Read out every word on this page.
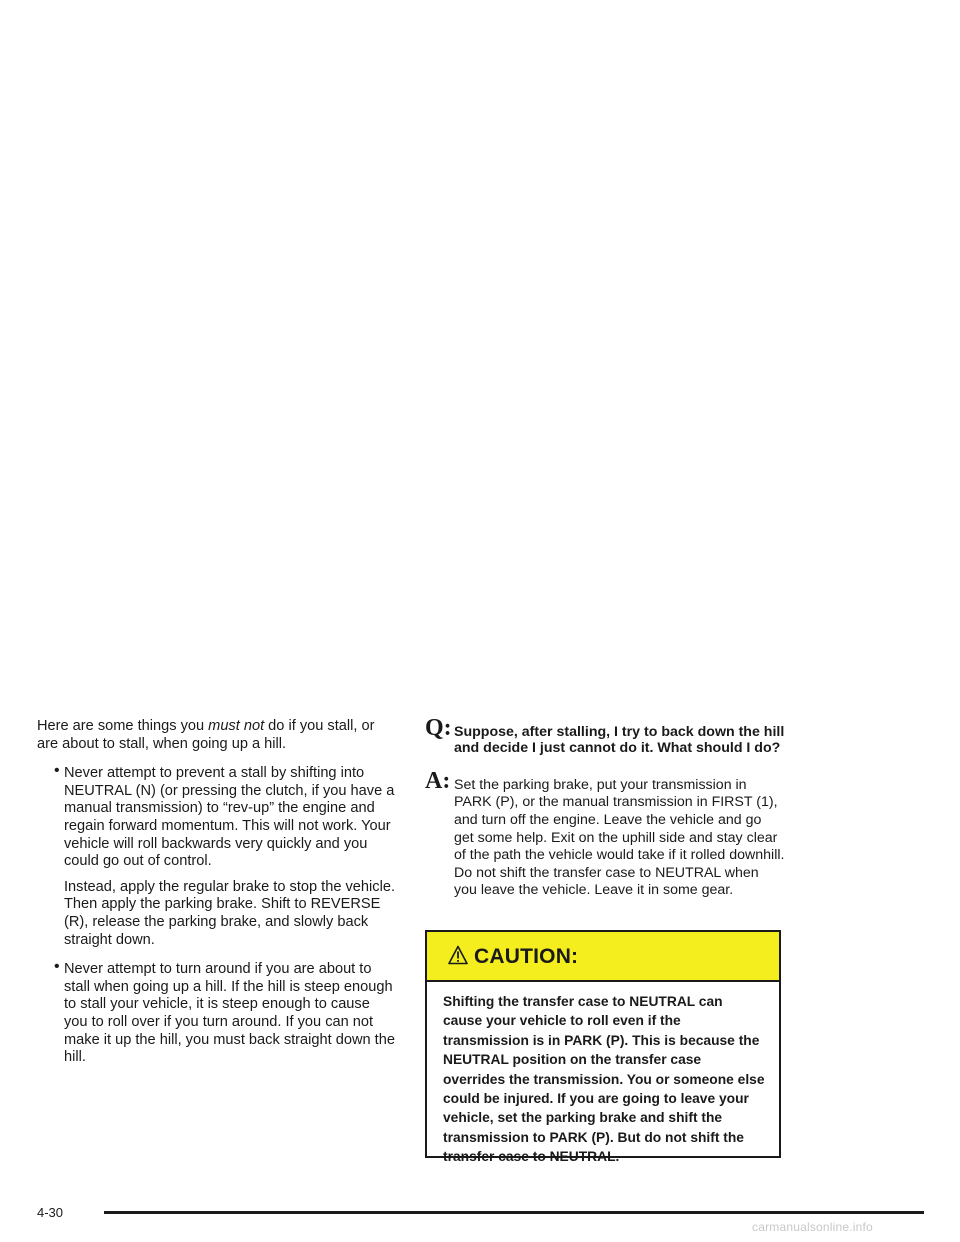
Here are some things you must not do if you stall, or are about to stall, when going up a hill.

• Never attempt to prevent a stall by shifting into NEUTRAL (N) (or pressing the clutch, if you have a manual transmission) to “rev-up” the engine and regain forward momentum. This will not work. Your vehicle will roll backwards very quickly and you could go out of control.

Instead, apply the regular brake to stop the vehicle. Then apply the parking brake. Shift to REVERSE (R), release the parking brake, and slowly back straight down.

• Never attempt to turn around if you are about to stall when going up a hill. If the hill is steep enough to stall your vehicle, it is steep enough to cause you to roll over if you turn around. If you can not make it up the hill, you must back straight down the hill.

Q: Suppose, after stalling, I try to back down the hill and decide I just cannot do it. What should I do?
A: Set the parking brake, put your transmission in PARK (P), or the manual transmission in FIRST (1), and turn off the engine. Leave the vehicle and go get some help. Exit on the uphill side and stay clear of the path the vehicle would take if it rolled downhill. Do not shift the transfer case to NEUTRAL when you leave the vehicle. Leave it in some gear.
CAUTION:
Shifting the transfer case to NEUTRAL can cause your vehicle to roll even if the transmission is in PARK (P). This is because the NEUTRAL position on the transfer case overrides the transmission. You or someone else could be injured. If you are going to leave your vehicle, set the parking brake and shift the transmission to PARK (P). But do not shift the transfer case to NEUTRAL.
4-30
carmanualsonline.info
